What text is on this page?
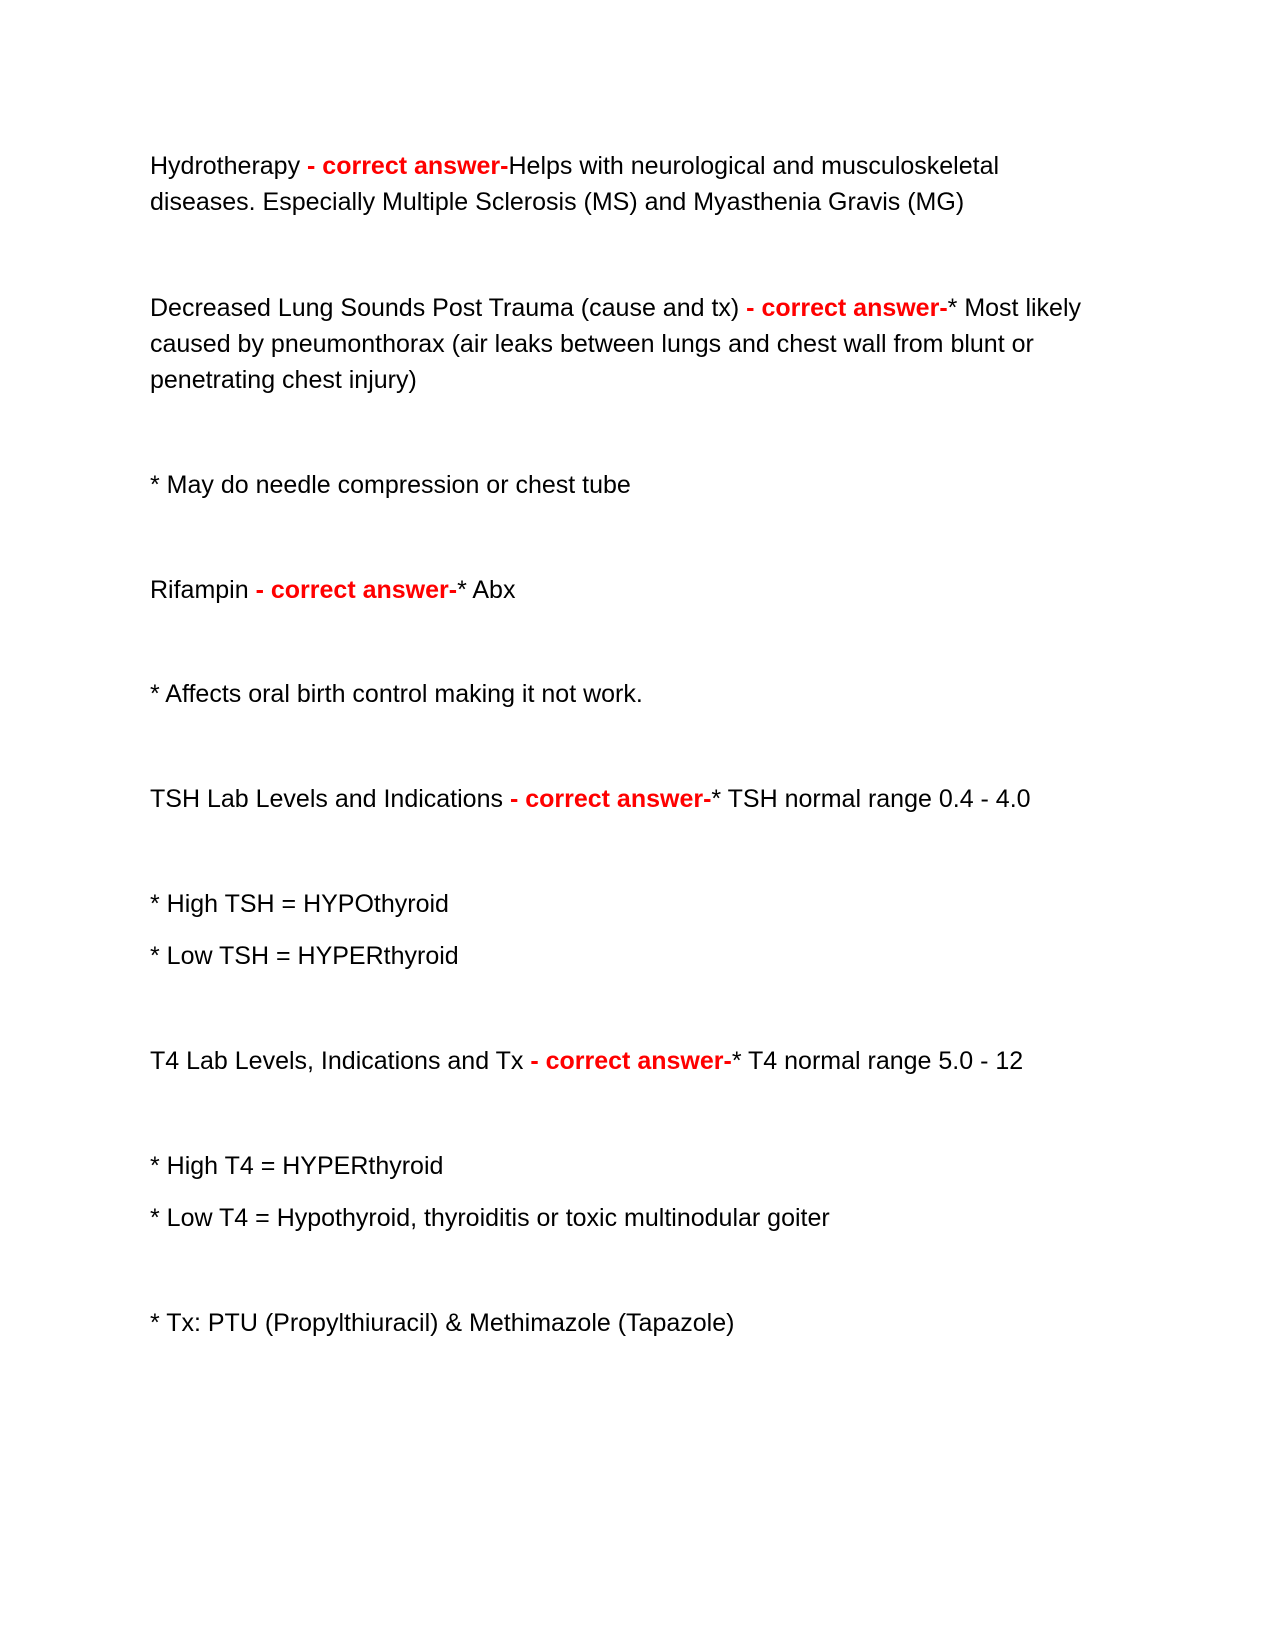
Hydrotherapy - correct answer-Helps with neurological and musculoskeletal
diseases. Especially Multiple Sclerosis (MS) and Myasthenia Gravis (MG)
Decreased Lung Sounds Post Trauma (cause and tx) - correct answer-* Most likely
caused by pneumonthorax (air leaks between lungs and chest wall from blunt or
penetrating chest injury)
* May do needle compression or chest tube
Rifampin - correct answer-* Abx
* Affects oral birth control making it not work.
TSH Lab Levels and Indications - correct answer-* TSH normal range 0.4 - 4.0
* High TSH = HYPOthyroid
* Low TSH = HYPERthyroid
T4 Lab Levels, Indications and Tx - correct answer-* T4 normal range 5.0 - 12
* High T4 = HYPERthyroid
* Low T4 = Hypothyroid, thyroiditis or toxic multinodular goiter
* Tx: PTU (Propylthiuracil) & Methimazole (Tapazole)
